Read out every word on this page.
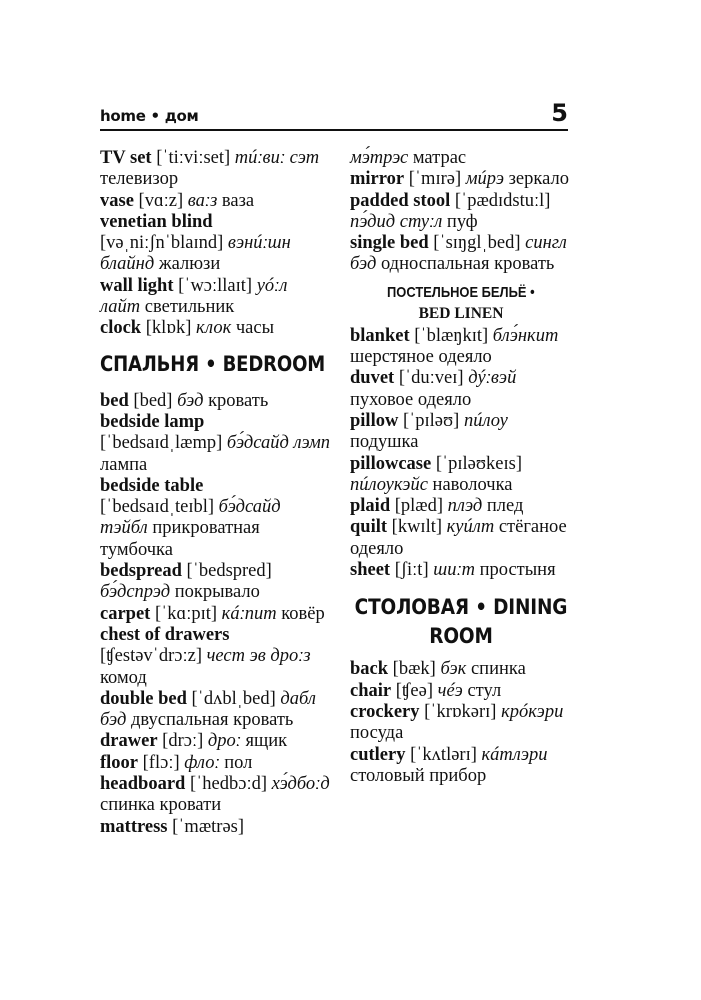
home • дом	5

TV set [ˈtiːviːset] тúːвиː сэт телевизор

vase [vɑːz] ваːз ваза

venetian blind
[vəˌniːʃnˈblaɪnd] вэнúːшн блайнд жалюзи

wall light [ˈwɔːllaɪt] уóːл лайт светильник

clock [klɒk] клок часы

СПАЛЬНЯ • BEDROOM

bed [bed] бэд кровать

bedside lamp
[ˈbedsaɪdˌlæmp] бэ́дсайд лэмп лампа

bedside table
[ˈbedsaɪdˌteɪbl] бэ́дсайд тэйбл прикроватная тумбочка

bedspread [ˈbedspred] бэ́дспрэд покрывало

carpet [ˈkɑːpɪt] кáːпит ковёр

chest of drawers
[ʧestəvˈdrɔːz] чест эв дроːз комод

double bed [ˈdʌblˌbed] дабл бэд двуспальная кровать

drawer [drɔː] дроː ящик

floor [flɔː] флоː пол

headboard [ˈhedbɔːd] хэ́дбоːд спинка кровати

mattress [ˈmætrəs]

мэ́трэс матрас

mirror [ˈmɪrə] мúрэ зеркало

padded stool [ˈpædɪdstuːl] пэ́дид стуːл пуф

single bed [ˈsɪŋglˌbed] сингл бэд односпальная кровать

ПОСТЕЛЬНОЕ БЕЛЬЁ •
BED LINEN

blanket [ˈblæŋkɪt] блэ́нкит шерстяное одеяло

duvet [ˈduːveɪ] дýːвэй пуховое одеяло

pillow [ˈpɪləʊ] пúлоу подушка

pillowcase [ˈpɪləʊkeɪs] пúлоукэйс наволочка

plaid [plæd] плэд плед

quilt [kwɪlt] куúлт стёганое одеяло

sheet [ʃiːt] шиːт простыня

СТОЛОВАЯ • DINING ROOM

back [bæk] бэк спинка

chair [ʧeə] чéэ стул

crockery [ˈkrɒkərɪ] крóкэри посуда

cutlery [ˈkʌtlərɪ] кáтлэри столовый прибор
